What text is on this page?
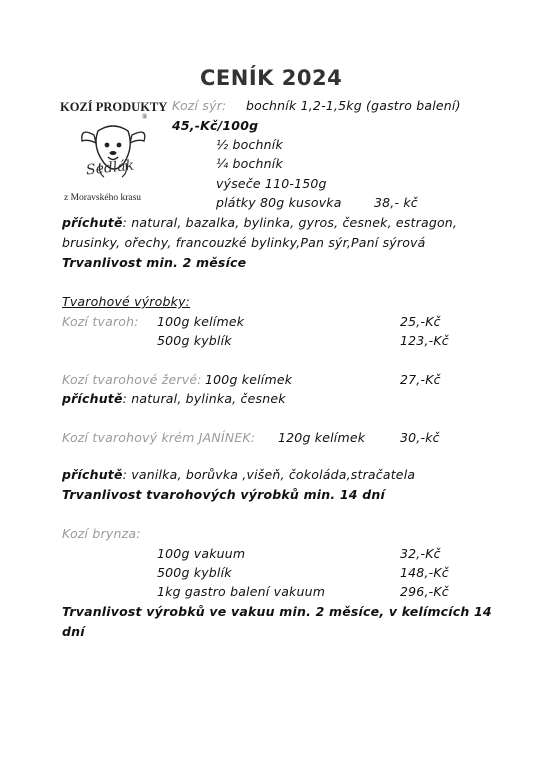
CENÍK 2024
KOZÍ PRODUKTY
®
Sedlák
z Moravského krasu
Kozí sýr: bochník 1,2-1,5kg (gastro balení)
45,-Kč/100g
½ bochník
¼ bochník
výseče 110-150g
plátky 80g kusovka	38,- kč
příchutě: natural, bazalka, bylinka, gyros, česnek, estragon,
brusinky, ořechy, francouzké bylinky,Pan sýr,Paní sýrová
Trvanlivost min. 2 měsíce
Tvarohové výrobky:
Kozí tvaroh: 100g kelímek	25,-Kč
500g kyblík	123,-Kč
Kozí tvarohové žervé: 100g kelímek	27,-Kč
příchutě: natural, bylinka, česnek
Kozí tvarohový krém JANÍNEK: 120g kelímek	30,-kč
příchutě: vanilka, borůvka ,višeň, čokoláda,stračatela
Trvanlivost tvarohových výrobků min. 14 dní
Kozí brynza:
100g vakuum	32,-Kč
500g kyblík	148,-Kč
1kg gastro balení vakuum	296,-Kč
Trvanlivost výrobků ve vakuu min. 2 měsíce, v kelímcích 14
dní
